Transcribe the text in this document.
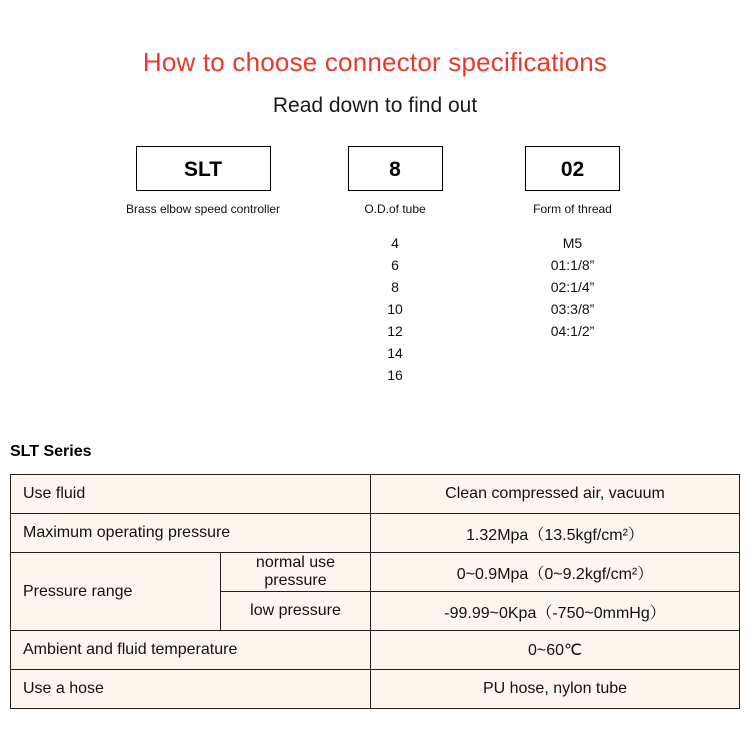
How to choose connector specifications

Read down to find out

SLT
Brass elbow speed controller
8
O.D.of tube
4
6
8
10
12
14
16
02
Form of thread
M5
01:1/8”
02:1/4”
03:3/8”
04:1/2”
SLT Series
Use fluid		Clean compressed air, vacuum
Maximum operating pressure		1.32Mpa（13.5kgf/cm²）
Pressure range	normal use pressure	0~0.9Mpa（0~9.2kgf/cm²）
	low pressure	-99.99~0Kpa（-750~0mmHg）
Ambient and fluid temperature		0~60℃
Use a hose		PU hose, nylon tube
